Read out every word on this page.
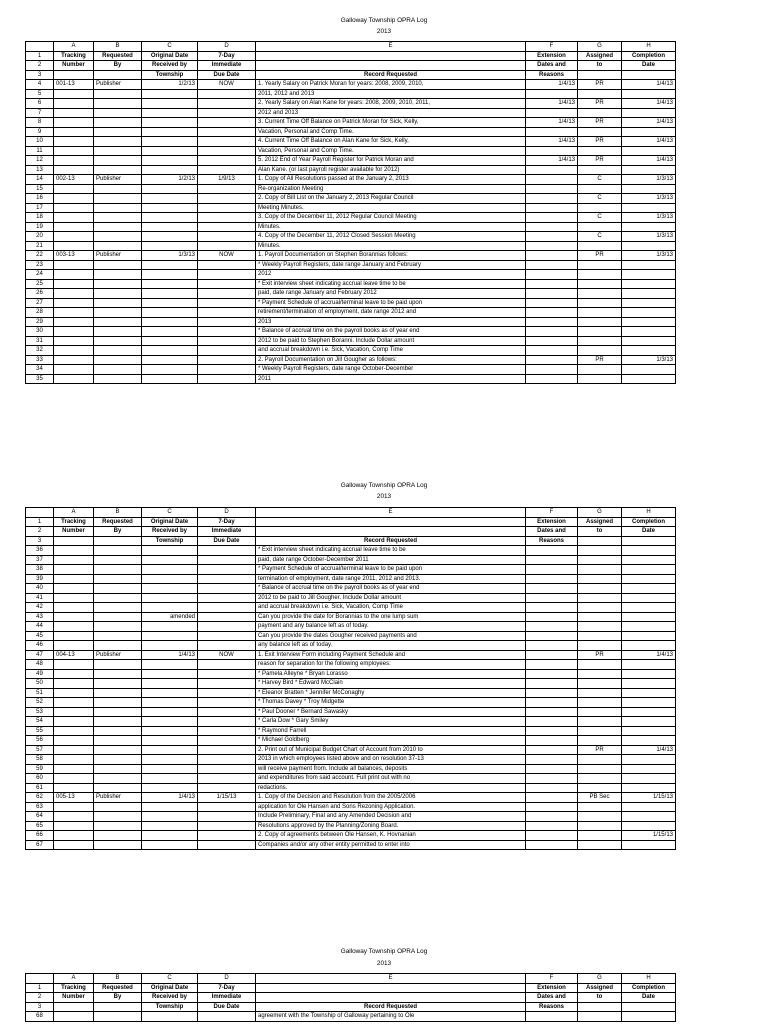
Galloway Township OPRA Log
2013
	A	B	C	D	E	F	G	H
1	Tracking	Requested	Original Date	7-Day		Extension	Assigned	Completion
2	Number	By	Received by	Immediate		Dates and	to	Date
3			Township	Due Date	Record Requested	Reasons		
4	001-13	Publisher	1/2/13	NOW	1. Yearly Salary on Patrick Moran for years: 2008, 2009, 2010,	1/4/13	PR	1/4/13
5					2011, 2012 and 2013			
6					2. Yearly Salary on Alan Kane for years: 2008, 2009, 2010, 2011,	1/4/13	PR	1/4/13
7					2012 and 2013			
8					3. Current Time Off Balance on Patrick Moran for Sick, Kelly,	1/4/13	PR	1/4/13
9					Vacation, Personal and Comp Time.			
10					4. Current Time Off Balance on Alan Kane for Sick, Kelly,	1/4/13	PR	1/4/13
11					Vacation, Personal and Comp Time.			
12					5. 2012 End of Year Payroll Register for Patrick Moran and	1/4/13	PR	1/4/13
13					Alan Kane. (or last payroll register available for 2012)			
14	002-13	Publisher	1/2/13	1/9/13	1. Copy of All Resolutions passed at the January 2, 2013		C	1/3/13
15					Re-organization Meeting			
16					2. Copy of Bill List on the January 2, 2013 Regular Council		C	1/3/13
17					Meeting Minutes.			
18					3. Copy of the December 11, 2012 Regular Council Meeting		C	1/3/13
19					Minutes.			
20					4. Copy of the December 11, 2012 Closed Session Meeting		C	1/3/13
21					Minutes.			
22	003-13	Publisher	1/3/13	NOW	1. Payroll Documentation on Stephen Borannias follows:		PR	1/3/13
23					* Weekly Payroll Registers, date range January and February			
24					2012			
25					* Exit interview sheet indicating accrual leave time to be			
26					paid, date range January and February 2012			
27					* Payment Schedule of accrual/terminal leave to be paid upon			
28					retirement/termination of employment, date range 2012 and			
29					2013			
30					* Balance of accrual time on the payroll books as of year end			
31					2012 to be paid to Stephen Boranni. Include Dollar amount			
32					and accrual breakdown i.e. Sick, Vacation, Comp Time			
33					2. Payroll Documentation on Jill Gougher as follows:		PR	1/3/13
34					* Weekly Payroll Registers, date range October-December			
35					2011			
Galloway Township OPRA Log
2013
	A	B	C	D	E	F	G	H
1	Tracking	Requested	Original Date	7-Day		Extension	Assigned	Completion
2	Number	By	Received by	Immediate		Dates and	to	Date
3			Township	Due Date	Record Requested	Reasons		
36					* Exit interview sheet indicating accrual leave time to be			
37					paid, date range October-December 2011			
38					* Payment Schedule of accrual/terminal leave to be paid upon			
39					termination of employment, date range 2011, 2012 and 2013.			
40					* Balance of accrual time on the payroll books as of year end			
41					2012 to be paid to Jill Gougher. Include Dollar amount			
42					and accrual breakdown i.e. Sick, Vacation, Comp Time			
43			amended		Can you provide the date for Borannias to the one lump sum			
44					payment and any balance left as of today.			
45					Can you provide the dates Gougher received payments and			
46					any balance left as of today.			
47	004-13	Publisher	1/4/13	NOW	1. Exit Interview Form including Payment Schedule and		PR	1/4/13
48					reason for separation for the following employees:			
49					* Pamela Alleyne * Bryan Lorasso			
50					* Harvey Bird * Edward McClain			
51					* Eleanor Bratten * Jennifer McConaghy			
52					* Thomas Davey * Troy Midgette			
53					* Paul Dooner * Bernard Sawasky			
54					* Carla Dow * Gary Smiley			
55					* Raymond Farrell			
56					* Michael Goldberg			
57					2. Print out of Municipal Budget Chart of Account from 2010 to		PR	1/4/13
58					2013 in which employees listed above and on resolution 37-13			
59					will receive payment from. Include all balances, deposits			
60					and expenditures from said account. Full print out with no			
61					redactions.			
62	005-13	Publisher	1/4/13	1/15/13	1. Copy of the Decision and Resolution from the 2005/2006		PB Sec	1/15/13
63					application for Ole Hansen and Sons Rezoning Application.			
64					Include Preliminary, Final and any Amended Decision and			
65					Resolutions approved by the Planning/Zoning Board.			
66					2. Copy of agreements between Ole Hansen, K. Hovnanian			1/15/13
67					Companies and/or any other entity permitted to enter into			
Galloway Township OPRA Log
2013
	A	B	C	D	E	F	G	H
1	Tracking	Requested	Original Date	7-Day		Extension	Assigned	Completion
2	Number	By	Received by	Immediate		Dates and	to	Date
3			Township	Due Date	Record Requested	Reasons		
68					agreement with the Township of Galloway pertaining to Ole			
